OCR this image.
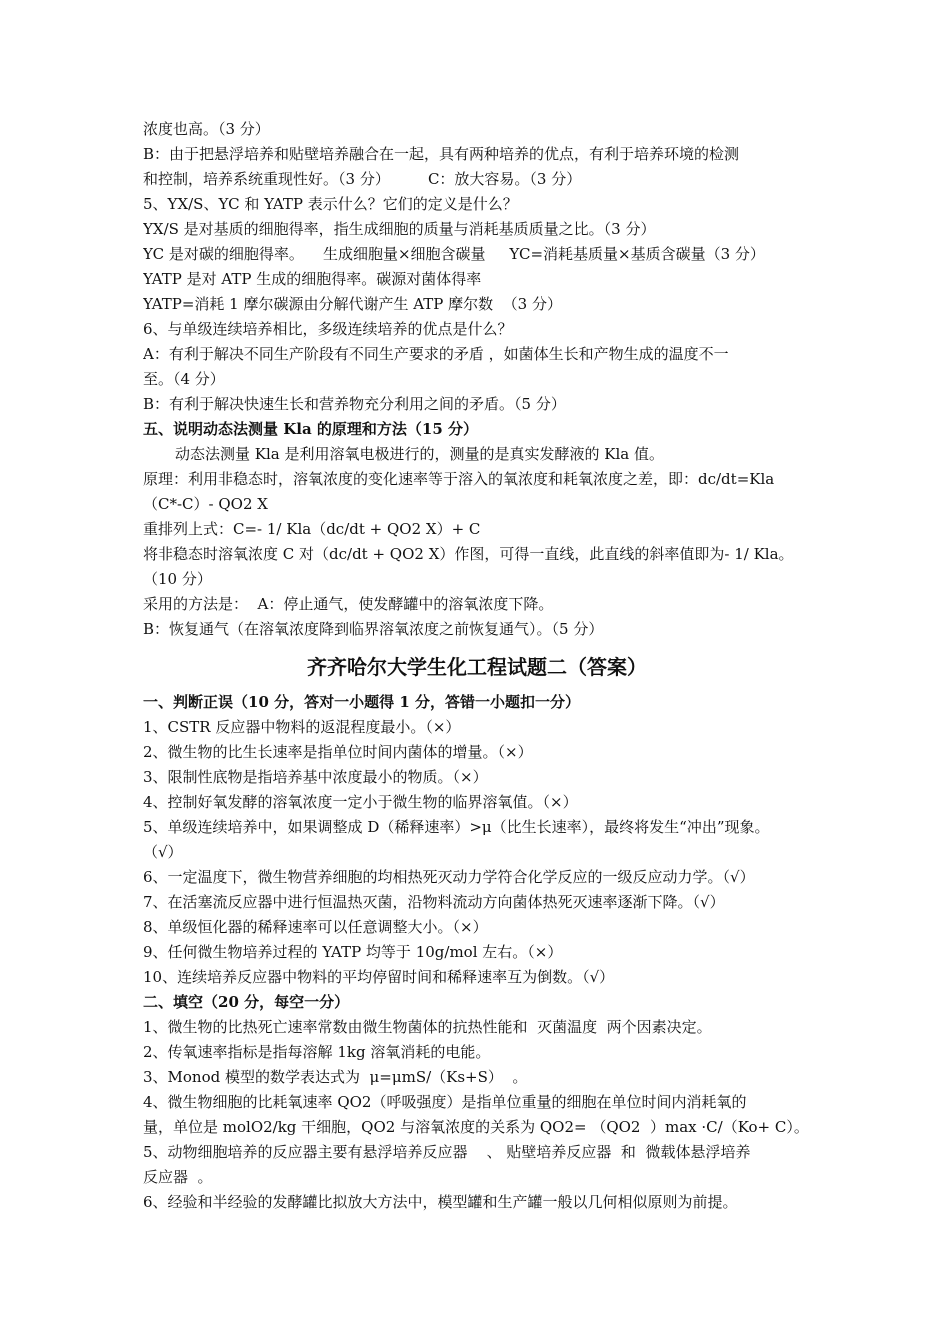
浓度也高。（3 分）
B：由于把悬浮培养和贴壁培养融合在一起，具有两种培养的优点，有利于培养环境的检测
和控制，培养系统重现性好。（3 分）        C：放大容易。（3 分）
5、YX/S、YC 和 YATP 表示什么？它们的定义是什么？
YX/S 是对基质的细胞得率，指生成细胞的质量与消耗基质质量之比。（3 分）
YC 是对碳的细胞得率。    生成细胞量×细胞含碳量     YC=消耗基质量×基质含碳量（3 分）
YATP 是对 ATP 生成的细胞得率。碳源对菌体得率
YATP=消耗 1 摩尔碳源由分解代谢产生 ATP 摩尔数  （3 分）
6、与单级连续培养相比，多级连续培养的优点是什么？
A：有利于解决不同生产阶段有不同生产要求的矛盾 ，如菌体生长和产物生成的温度不一
至。（4 分）
B：有利于解决快速生长和营养物充分利用之间的矛盾。（5 分）
五、说明动态法测量 Kla 的原理和方法（15 分）
动态法测量 Kla 是利用溶氧电极进行的，测量的是真实发酵液的 Kla 值。
原理：利用非稳态时，溶氧浓度的变化速率等于溶入的氧浓度和耗氧浓度之差，即：dc/dt=Kla
（C*-C）- QO2 X
重排列上式：C=- 1/ Kla（dc/dt + QO2 X）+ C
将非稳态时溶氧浓度 C 对（dc/dt + QO2 X）作图，可得一直线，此直线的斜率值即为- 1/ Kla。
（10 分）
采用的方法是：  A：停止通气，使发酵罐中的溶氧浓度下降。
B：恢复通气（在溶氧浓度降到临界溶氧浓度之前恢复通气）。（5 分）
齐齐哈尔大学生化工程试题二（答案）
一、判断正误（10 分，答对一小题得 1 分，答错一小题扣一分）
1、CSTR 反应器中物料的返混程度最小。（×）
2、微生物的比生长速率是指单位时间内菌体的增量。（×）
3、限制性底物是指培养基中浓度最小的物质。（×）
4、控制好氧发酵的溶氧浓度一定小于微生物的临界溶氧值。（×）
5、单级连续培养中，如果调整成 D（稀释速率）>μ（比生长速率），最终将发生“冲出”现象。
（√）
6、一定温度下，微生物营养细胞的均相热死灭动力学符合化学反应的一级反应动力学。（√）
7、在活塞流反应器中进行恒温热灭菌，沿物料流动方向菌体热死灭速率逐渐下降。（√）
8、单级恒化器的稀释速率可以任意调整大小。（×）
9、任何微生物培养过程的 YATP 均等于 10g/mol 左右。（×）
10、连续培养反应器中物料的平均停留时间和稀释速率互为倒数。（√）
二、填空（20 分，每空一分）
1、微生物的比热死亡速率常数由微生物菌体的抗热性能和  灭菌温度  两个因素决定。
2、传氧速率指标是指每溶解 1kg 溶氧消耗的电能。
3、Monod 模型的数学表达式为  μ=μmS/（Ks+S）  。
4、微生物细胞的比耗氧速率 QO2（呼吸强度）是指单位重量的细胞在单位时间内消耗氧的
量，单位是 molO2/kg 干细胞，QO2 与溶氧浓度的关系为 QO2= （QO2  ）max ·C/（Ko+ C）。
5、动物细胞培养的反应器主要有悬浮培养反应器    、 贴壁培养反应器  和  微载体悬浮培养
反应器  。
6、经验和半经验的发酵罐比拟放大方法中，模型罐和生产罐一般以几何相似原则为前提。
